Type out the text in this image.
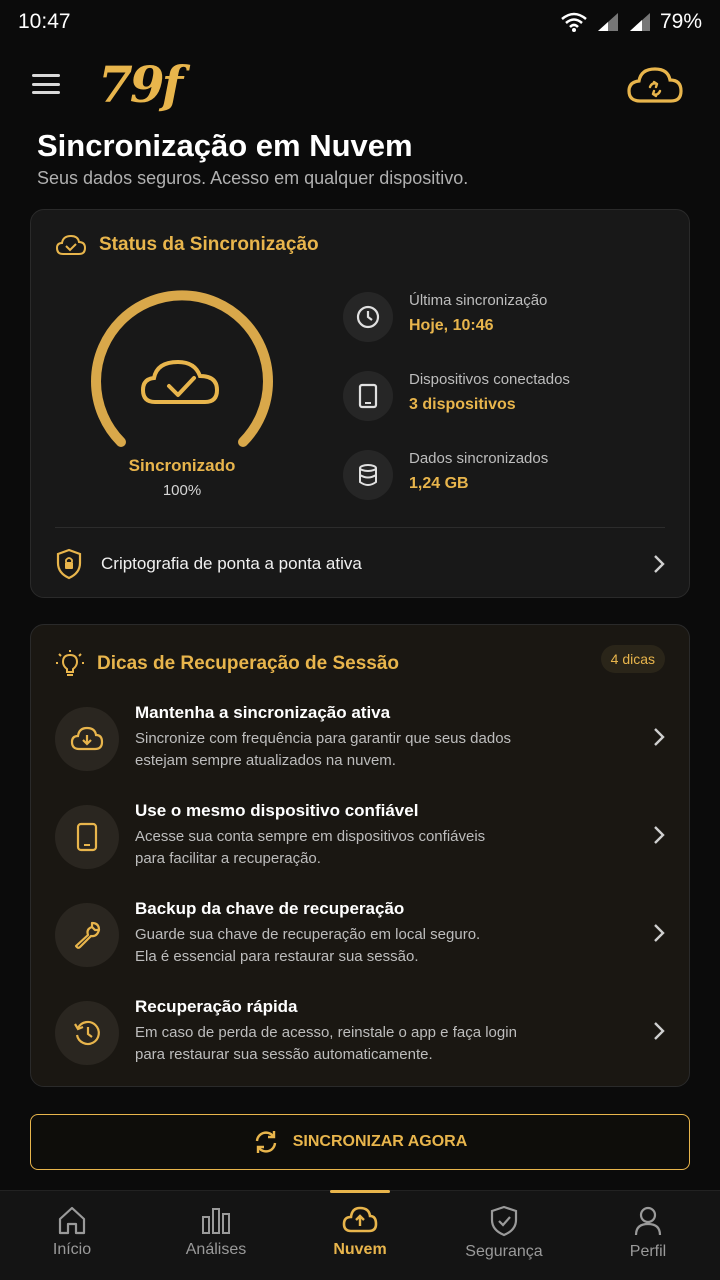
10:47	79%
79f
Sincronização em Nuvem

Seus dados seguros. Acesso em qualquer dispositivo.

Status da Sincronização
Sincronizado
100%
Última sincronização
Hoje, 10:46
Dispositivos conectados
3 dispositivos
Dados sincronizados
1,24 GB
Criptografia de ponta a ponta ativa
Dicas de Recuperação de Sessão	4 dicas
Mantenha a sincronização ativa
Sincronize com frequência para garantir que seus dados
estejam sempre atualizados na nuvem.
Use o mesmo dispositivo confiável
Acesse sua conta sempre em dispositivos confiáveis
para facilitar a recuperação.
Backup da chave de recuperação
Guarde sua chave de recuperação em local seguro.
Ela é essencial para restaurar sua sessão.
Recuperação rápida
Em caso de perda de acesso, reinstale o app e faça login
para restaurar sua sessão automaticamente.
SINCRONIZAR AGORA
Início	Análises	Nuvem	Segurança	Perfil
